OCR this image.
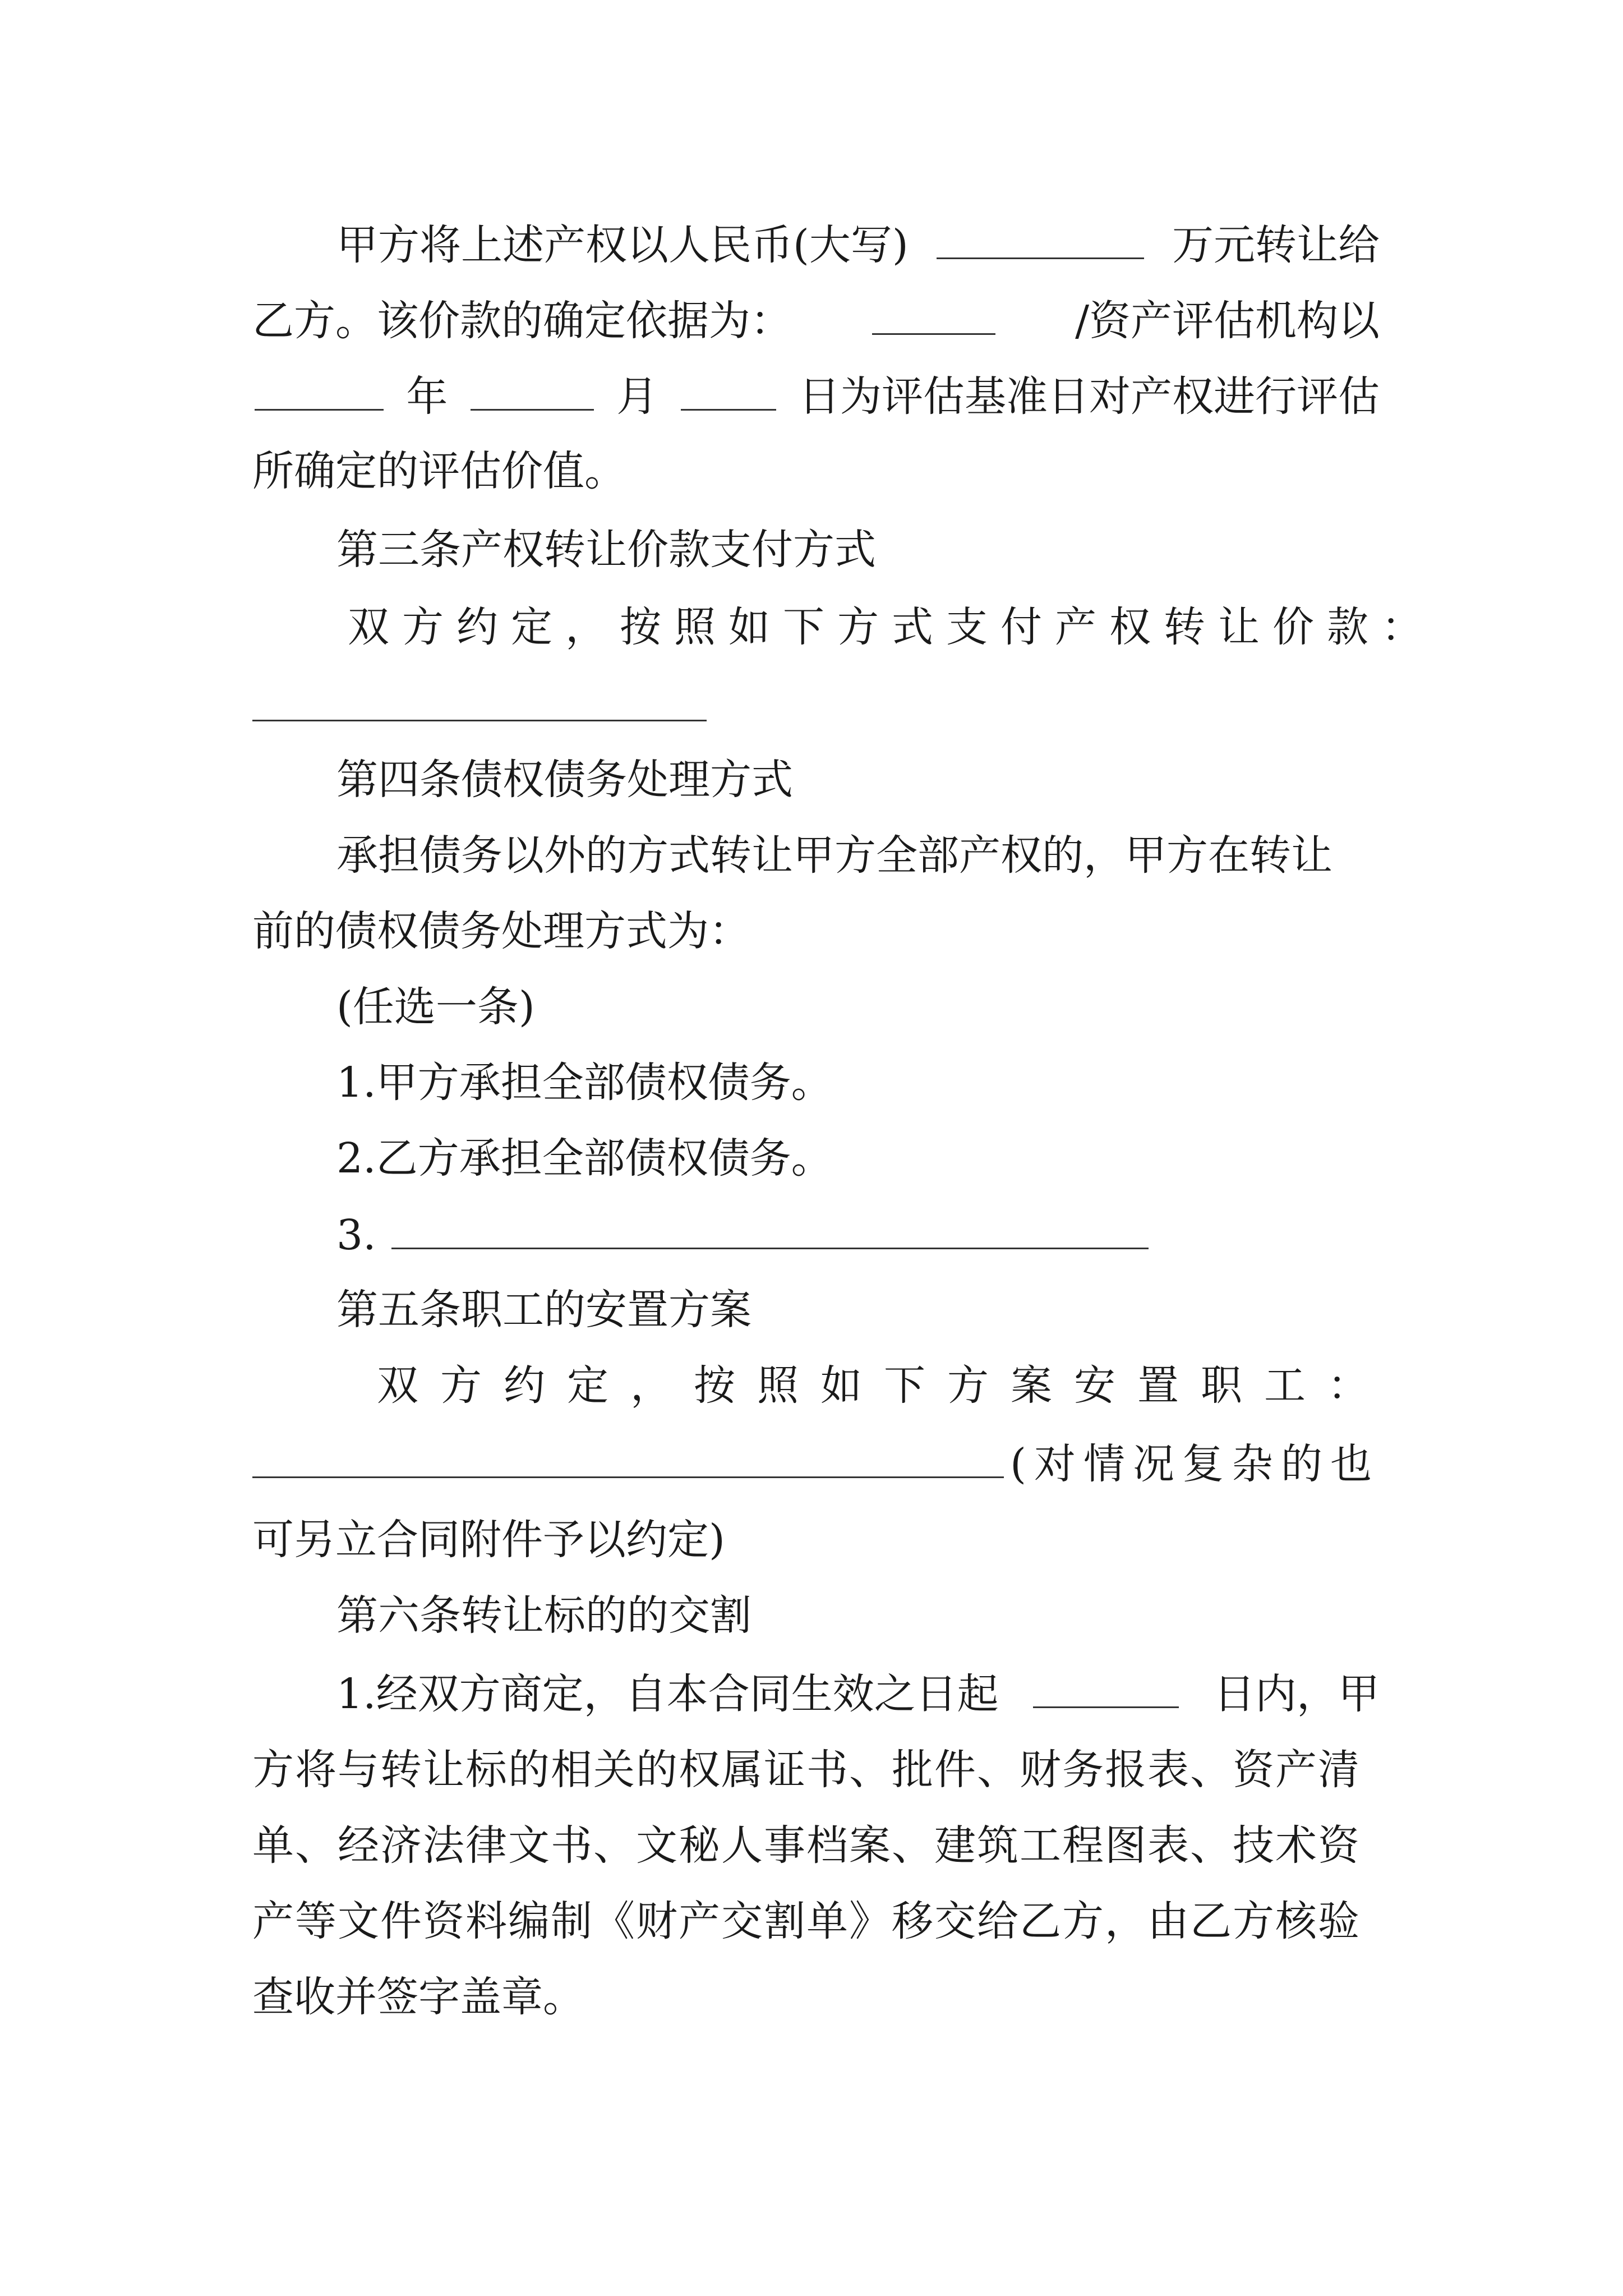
甲方将上述产权以人民币(大写)	万元转让给
乙方。该价款的确定依据为：	/资产评估机构以
年	月	日为评估基准日对产权进行评估
所确定的评估价值。
第三条产权转让价款支付方式
双方约定，按照如下方式支付产权转让价款：
第四条债权债务处理方式
承担债务以外的方式转让甲方全部产权的，甲方在转让
前的债权债务处理方式为：
(任选一条)
1.甲方承担全部债权债务。
2.乙方承担全部债权债务。
3.
第五条职工的安置方案
双方约定，按照如下方案安置职工：
(对情况复杂的也
可另立合同附件予以约定)
第六条转让标的的交割
1.经双方商定，自本合同生效之日起	日内，甲
方将与转让标的相关的权属证书、批件、财务报表、资产清
单、经济法律文书、文秘人事档案、建筑工程图表、技术资
产等文件资料编制《财产交割单》移交给乙方，由乙方核验
查收并签字盖章。
